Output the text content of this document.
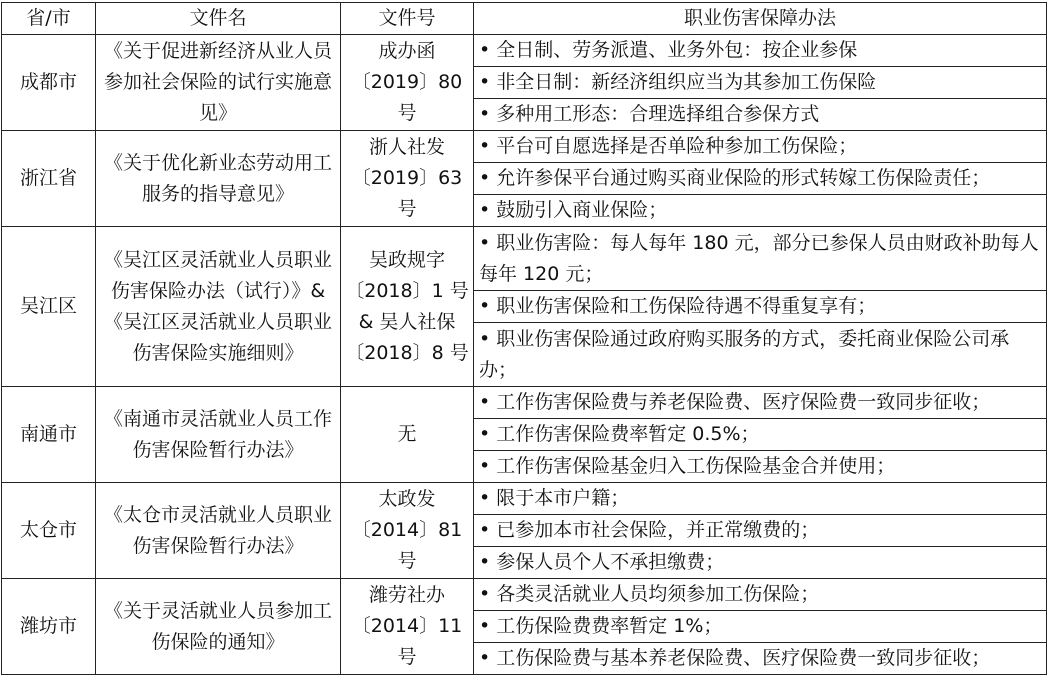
省/市	文件名	文件号	职业伤害保障办法
成都市	《关于促进新经济从业人员参加社会保险的试行实施意见》	成办函〔2019〕80 号	• 全日制、劳务派遣、业务外包：按企业参保
			• 非全日制：新经济组织应当为其参加工伤保险
			• 多种用工形态：合理选择组合参保方式
浙江省	《关于优化新业态劳动用工服务的指导意见》	浙人社发〔2019〕63 号	• 平台可自愿选择是否单险种参加工伤保险；
			• 允许参保平台通过购买商业保险的形式转嫁工伤保险责任；
			• 鼓励引入商业保险；
吴江区	《吴江区灵活就业人员职业伤害保险办法（试行）》&《吴江区灵活就业人员职业伤害保险实施细则》	吴政规字〔2018〕1 号 & 吴人社保〔2018〕8 号	• 职业伤害险：每人每年 180 元，部分已参保人员由财政补助每人每年 120 元；
			• 职业伤害保险和工伤保险待遇不得重复享有；
			• 职业伤害保险通过政府购买服务的方式，委托商业保险公司承办；
南通市	《南通市灵活就业人员工作伤害保险暂行办法》	无	• 工作伤害保险费与养老保险费、医疗保险费一致同步征收；
			• 工作伤害保险费率暂定 0.5%；
			• 工作伤害保险基金归入工伤保险基金合并使用；
太仓市	《太仓市灵活就业人员职业伤害保险暂行办法》	太政发〔2014〕81 号	• 限于本市户籍；
			• 已参加本市社会保险，并正常缴费的；
			• 参保人员个人不承担缴费；
潍坊市	《关于灵活就业人员参加工伤保险的通知》	潍劳社办〔2014〕11 号	• 各类灵活就业人员均须参加工伤保险；
			• 工伤保险费费率暂定 1%；
			• 工伤保险费与基本养老保险费、医疗保险费一致同步征收；
